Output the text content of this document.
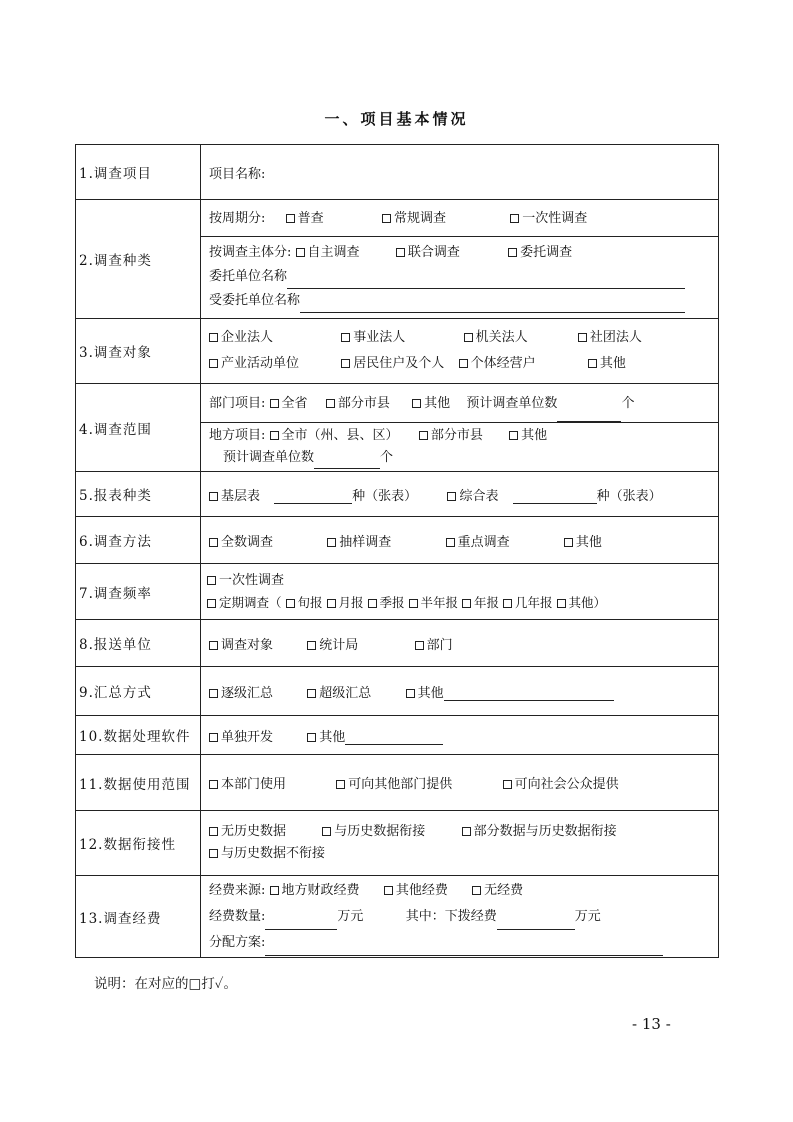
一、项目基本情况
1.调查项目	项目名称:
2.调查种类	按周期分: 普查 常规调查 一次性调查
按调查主体分: 自主调查 联合调查 委托调查
委托单位名称
受委托单位名称

3.调查对象	企业法人 事业法人 机关法人 社团法人
产业活动单位 居民住户及个人 个体经营户 其他

4.调查范围	部门项目: 全省 部分市县 其他 预计调查单位数 个
地方项目: 全市（州、县、区） 部分市县 其他
预计调查单位数 个

5.报表种类	基层表 种（张表） 综合表 种（张表）
6.调查方法	全数调查 抽样调查 重点调查 其他
7.调查频率	一次性调查
定期调查（ 旬报 月报 季报 半年报 年报 几年报 其他）

8.报送单位	调查对象 统计局 部门
9.汇总方式	逐级汇总 超级汇总 其他
10.数据处理软件	单独开发 其他
11.数据使用范围	本部门使用 可向其他部门提供 可向社会公众提供
12.数据衔接性	无历史数据 与历史数据衔接 部分数据与历史数据衔接
与历史数据不衔接

13.调查经费	经费来源: 地方财政经费 其他经费 无经费
经费数量: 万元 其中：下拨经费 万元
分配方案:
说明：在对应的□打✓。
- 13 -
